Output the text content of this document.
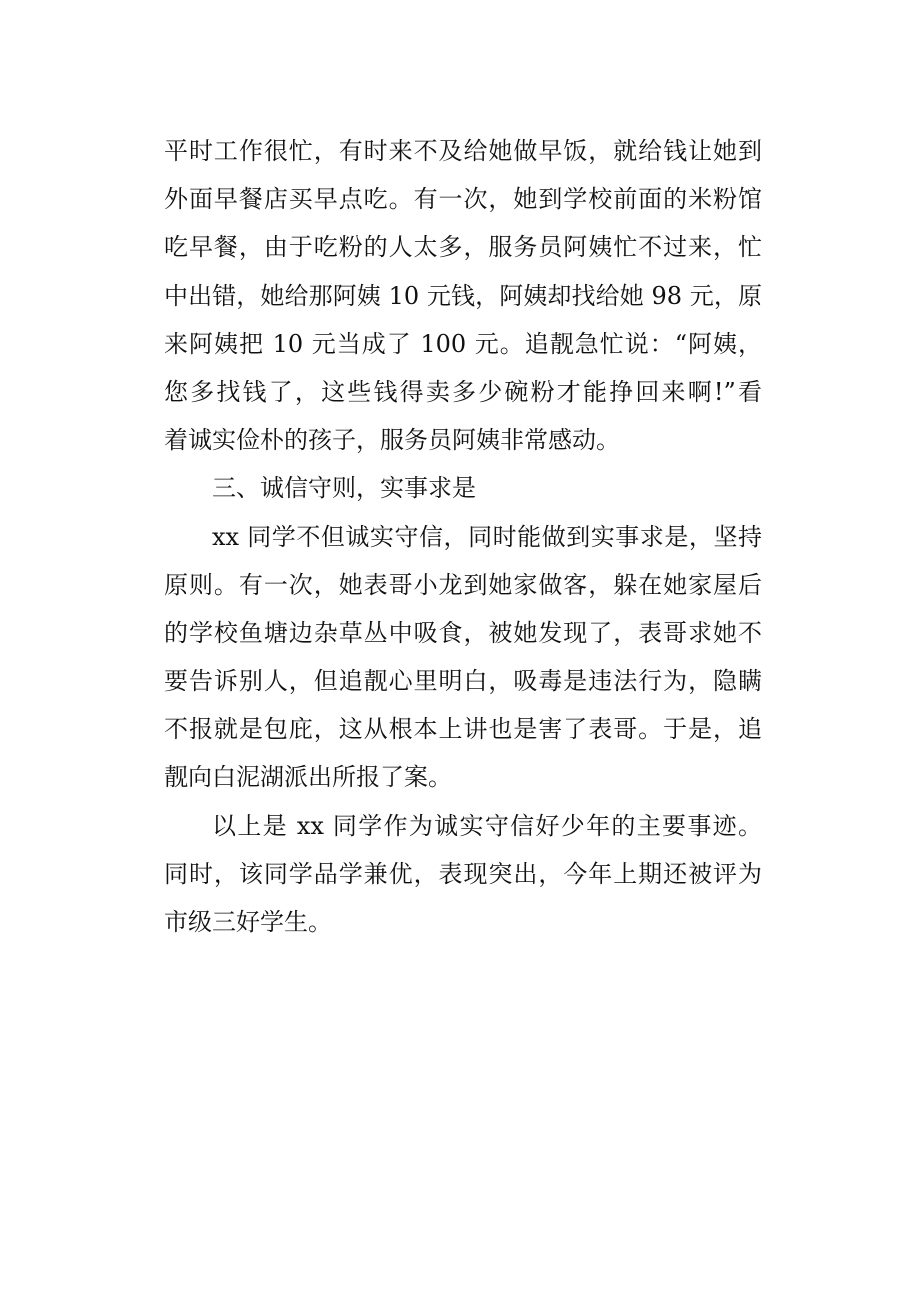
平时工作很忙，有时来不及给她做早饭，就给钱让她到
外面早餐店买早点吃。有一次，她到学校前面的米粉馆
吃早餐，由于吃粉的人太多，服务员阿姨忙不过来，忙
中出错，她给那阿姨 10 元钱，阿姨却找给她 98 元，原
来阿姨把 10 元当成了 100 元。追靓急忙说：“阿姨，
您多找钱了，这些钱得卖多少碗粉才能挣回来啊!”看
着诚实俭朴的孩子，服务员阿姨非常感动。
三、诚信守则，实事求是
xx 同学不但诚实守信，同时能做到实事求是，坚持
原则。有一次，她表哥小龙到她家做客，躲在她家屋后
的学校鱼塘边杂草丛中吸食，被她发现了，表哥求她不
要告诉别人，但追靓心里明白，吸毒是违法行为，隐瞒
不报就是包庇，这从根本上讲也是害了表哥。于是，追
靓向白泥湖派出所报了案。
以上是 xx 同学作为诚实守信好少年的主要事迹。
同时，该同学品学兼优，表现突出，今年上期还被评为
市级三好学生。
